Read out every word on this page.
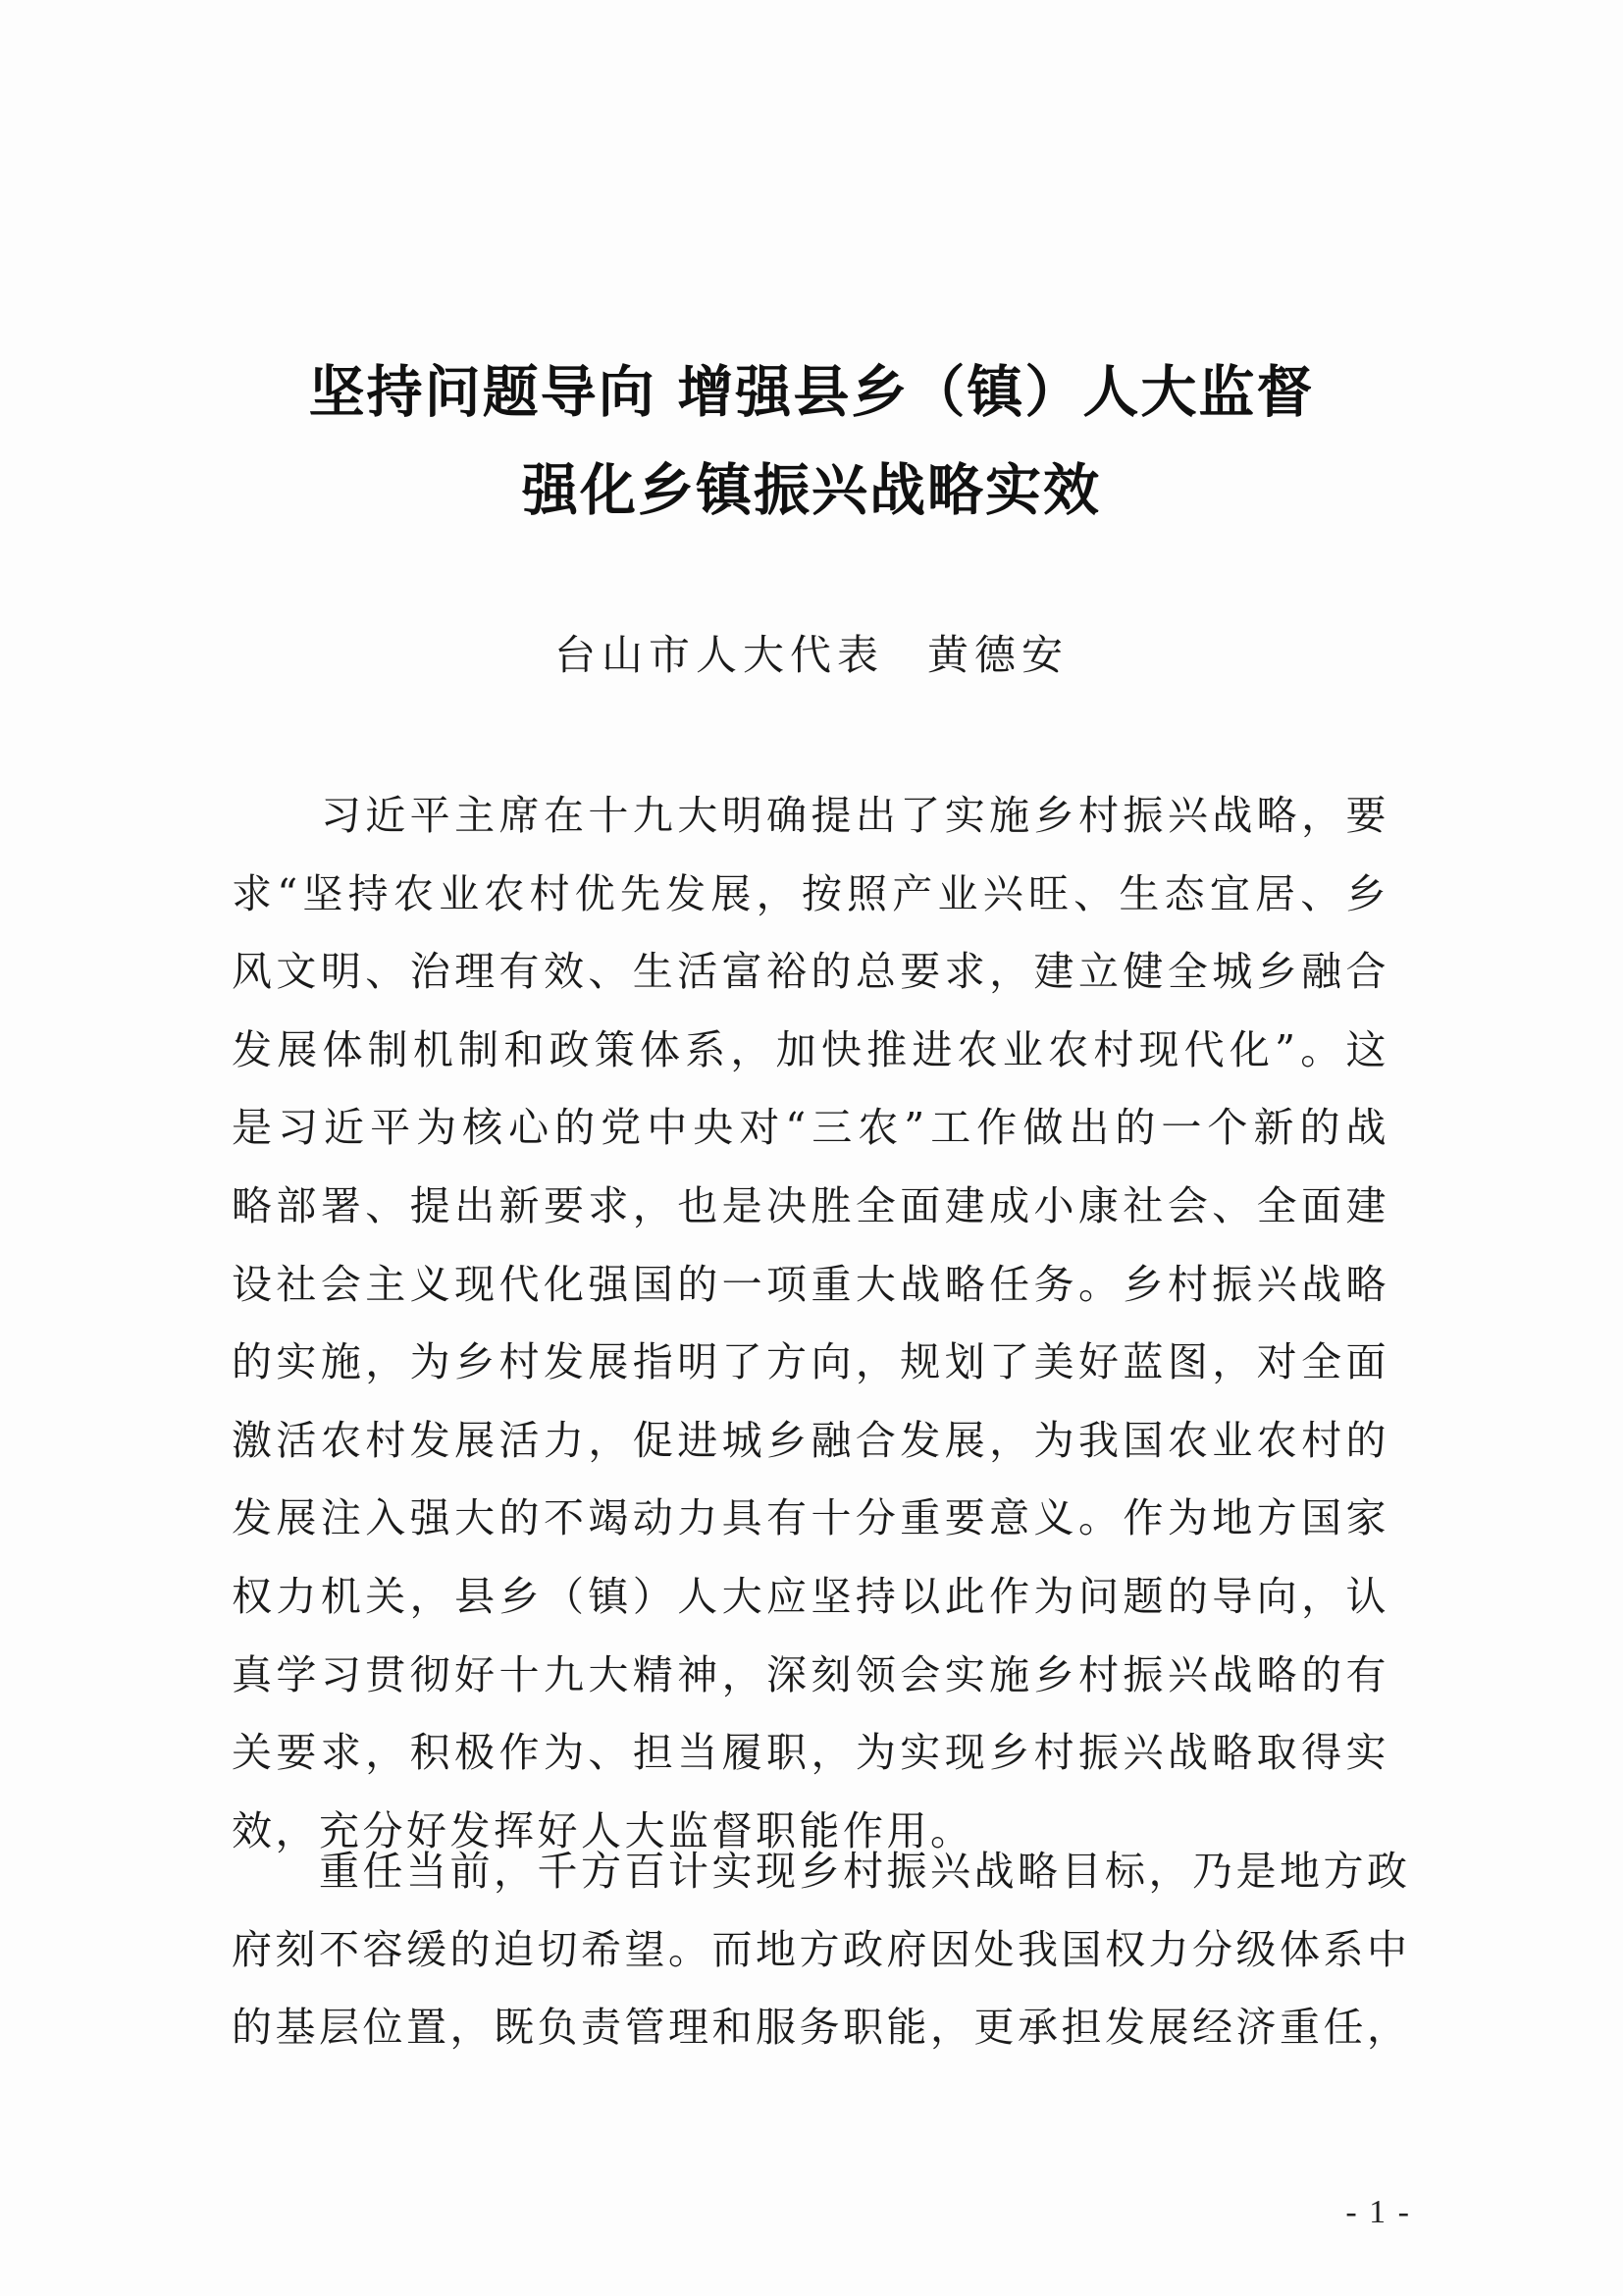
坚持问题导向 增强县乡（镇）人大监督
强化乡镇振兴战略实效
台山市人大代表 黄德安
　　习近平主席在十九大明确提出了实施乡村振兴战略，要
求“坚持农业农村优先发展，按照产业兴旺、生态宜居、乡
风文明、治理有效、生活富裕的总要求，建立健全城乡融合
发展体制机制和政策体系，加快推进农业农村现代化”。这
是习近平为核心的党中央对“三农”工作做出的一个新的战
略部署、提出新要求，也是决胜全面建成小康社会、全面建
设社会主义现代化强国的一项重大战略任务。乡村振兴战略
的实施，为乡村发展指明了方向，规划了美好蓝图，对全面
激活农村发展活力，促进城乡融合发展，为我国农业农村的
发展注入强大的不竭动力具有十分重要意义。作为地方国家
权力机关，县乡（镇）人大应坚持以此作为问题的导向，认
真学习贯彻好十九大精神，深刻领会实施乡村振兴战略的有
关要求，积极作为、担当履职，为实现乡村振兴战略取得实
效，充分好发挥好人大监督职能作用。
　　重任当前，千方百计实现乡村振兴战略目标，乃是地方政
府刻不容缓的迫切希望。而地方政府因处我国权力分级体系中
的基层位置，既负责管理和服务职能，更承担发展经济重任，
- 1 -
